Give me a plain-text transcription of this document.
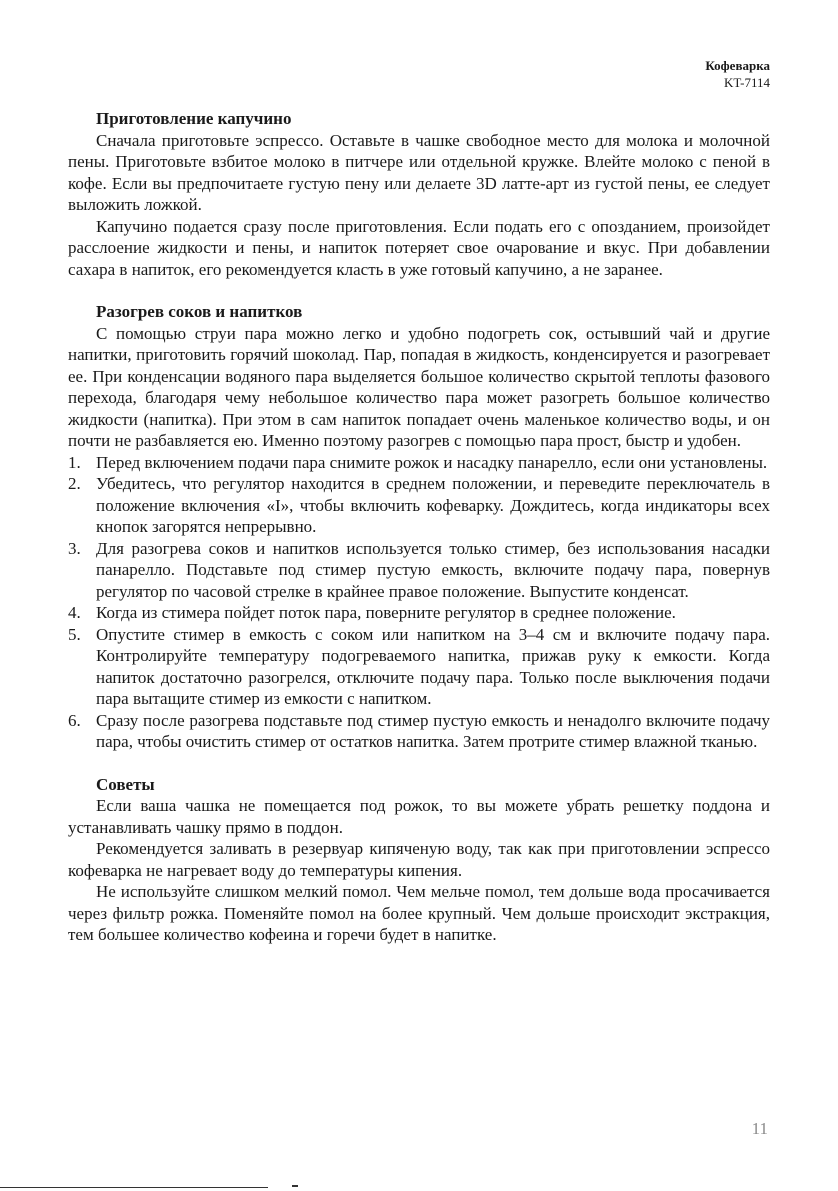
Кофеварка
KT-7114
Приготовление капучино

Сначала приготовьте эспрессо. Оставьте в чашке свободное место для молока и молочной пены. Приготовьте взбитое молоко в питчере или отдельной кружке. Влейте молоко с пеной в кофе. Если вы предпочитаете густую пену или делаете 3D латте-арт из густой пены, ее следует выложить ложкой.

Капучино подается сразу после приготовления. Если подать его с опозданием, произойдет расслоение жидкости и пены, и напиток потеряет свое очарование и вкус. При добавлении сахара в напиток, его рекомендуется класть в уже готовый капучино, а не заранее.

Разогрев соков и напитков

С помощью струи пара можно легко и удобно подогреть сок, остывший чай и другие напитки, приготовить горячий шоколад. Пар, попадая в жидкость, конденсируется и разогревает ее. При конденсации водяного пара выделяется большое количество скрытой теплоты фазового перехода, благодаря чему небольшое количество пара может разогреть большое количество жидкости (напитка). При этом в сам напиток попадает очень маленькое количество воды, и он почти не разбавляется ею. Именно поэтому разогрев с помощью пара прост, быстр и удобен.

1. Перед включением подачи пара снимите рожок и насадку панарелло, если они установлены.
2. Убедитесь, что регулятор находится в среднем положении, и переведите переключатель в положение включения «I», чтобы включить кофеварку. Дождитесь, когда индикаторы всех кнопок загорятся непрерывно.
3. Для разогрева соков и напитков используется только стимер, без использования насадки панарелло. Подставьте под стимер пустую емкость, включите подачу пара, повернув регулятор по часовой стрелке в крайнее правое положение. Выпустите конденсат.
4. Когда из стимера пойдет поток пара, поверните регулятор в среднее положение.
5. Опустите стимер в емкость с соком или напитком на 3–4 см и включите подачу пара. Контролируйте температуру подогреваемого напитка, прижав руку к емкости. Когда напиток достаточно разогрелся, отключите подачу пара. Только после выключения подачи пара вытащите стимер из емкости с напитком.
6. Сразу после разогрева подставьте под стимер пустую емкость и ненадолго включите подачу пара, чтобы очистить стимер от остатков напитка. Затем протрите стимер влажной тканью.
Советы

Если ваша чашка не помещается под рожок, то вы можете убрать решетку поддона и устанавливать чашку прямо в поддон.

Рекомендуется заливать в резервуар кипяченую воду, так как при приготовлении эспрессо кофеварка не нагревает воду до температуры кипения.

Не используйте слишком мелкий помол. Чем мельче помол, тем дольше вода просачивается через фильтр рожка. Поменяйте помол на более крупный. Чем дольше происходит экстракция, тем большее количество кофеина и горечи будет в напитке.

11
